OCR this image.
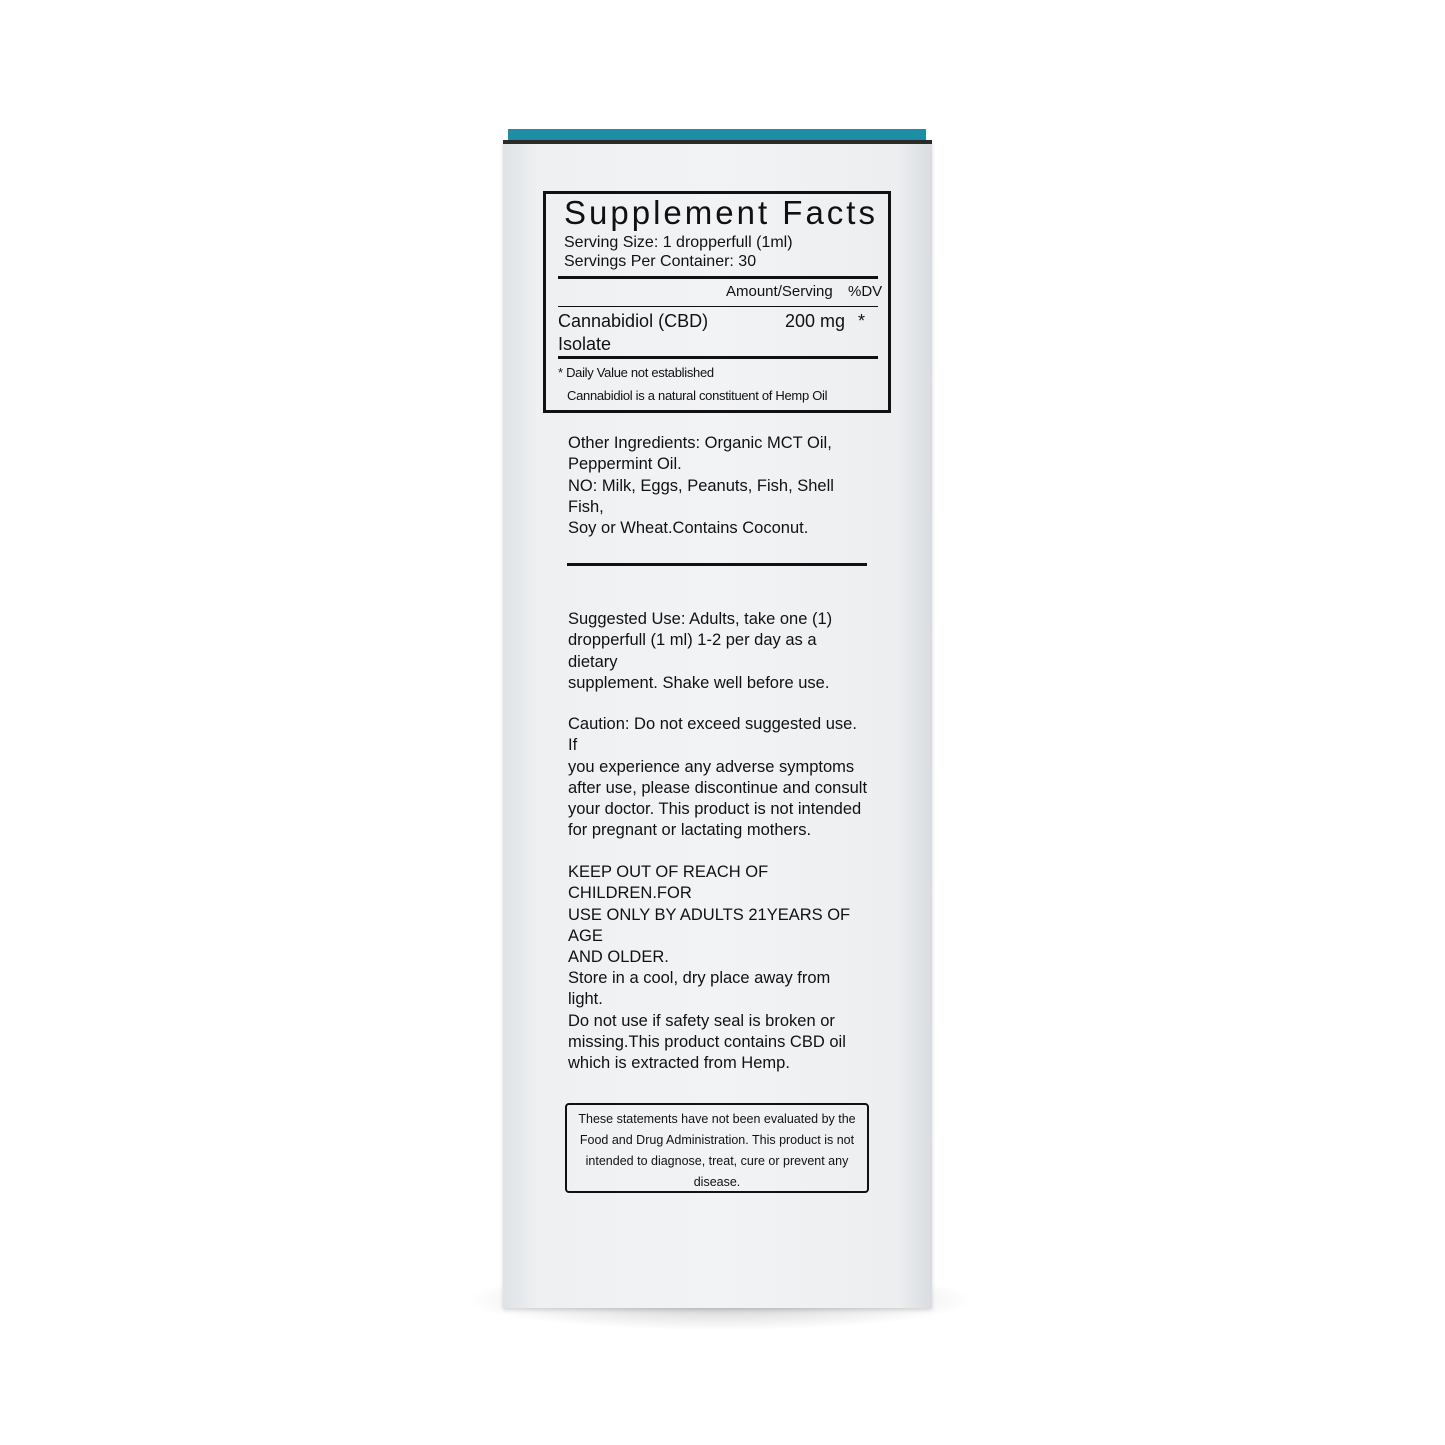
Supplement Facts
Serving Size: 1 dropperfull (1ml)
Servings Per Container: 30
Amount/Serving %DV
Cannabidiol (CBD)
Isolate
200 mg *
* Daily Value not established
Cannabidiol is a natural constituent of Hemp Oil
Other Ingredients: Organic MCT Oil,
Peppermint Oil.
NO: Milk, Eggs, Peanuts, Fish, Shell Fish,
Soy or Wheat.Contains Coconut.
Suggested Use: Adults, take one (1)
dropperfull (1 ml) 1-2 per day as a dietary
supplement. Shake well before use.
Caution: Do not exceed suggested use. If
you experience any adverse symptoms
after use, please discontinue and consult
your doctor. This product is not intended
for pregnant or lactating mothers.
KEEP OUT OF REACH OF CHILDREN.FOR
USE ONLY BY ADULTS 21YEARS OF AGE
AND OLDER.
Store in a cool, dry place away from light.
Do not use if safety seal is broken or
missing.This product contains CBD oil
which is extracted from Hemp.
These statements have not been evaluated by the Food and Drug Administration. This product is not intended to diagnose, treat, cure or prevent any disease.
